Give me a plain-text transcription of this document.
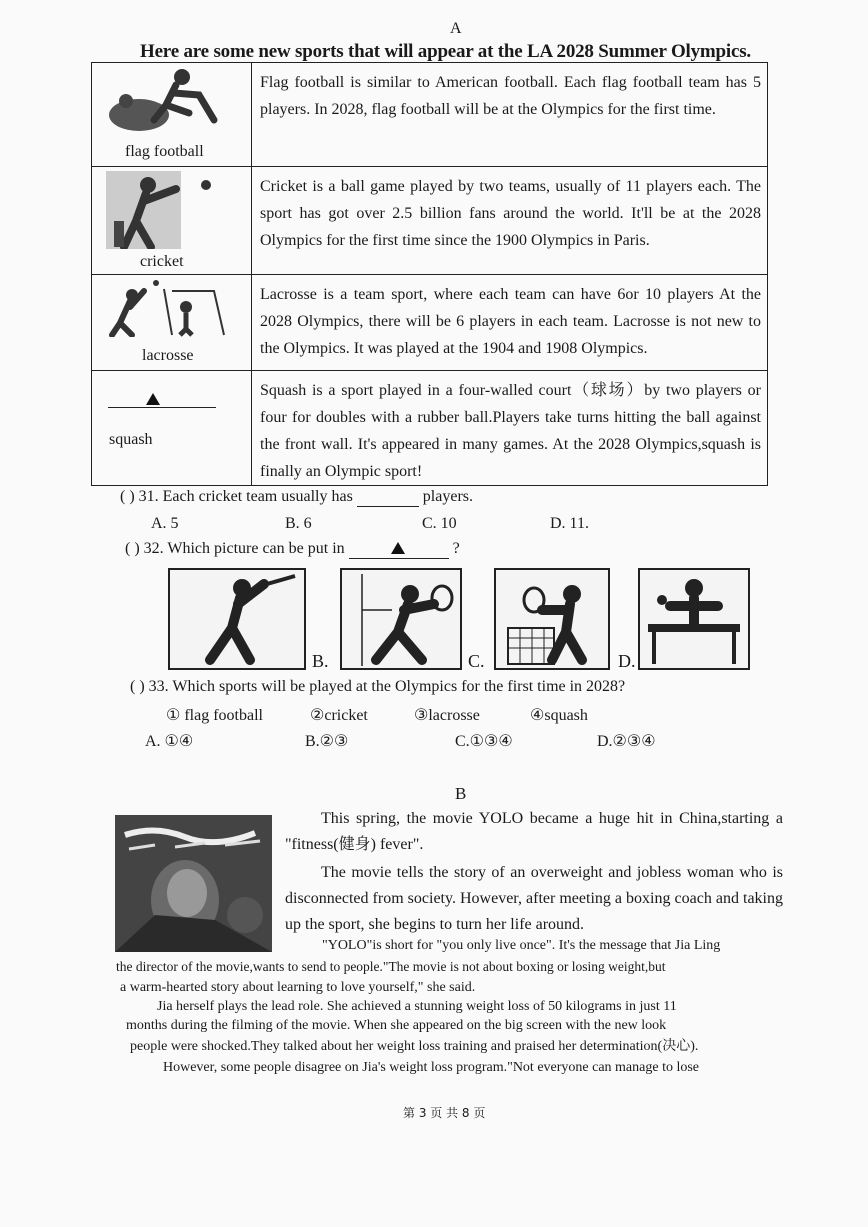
A
Here are some new sports that will appear at the LA 2028 Summer Olympics.
flag football	Flag football is similar to American football. Each flag football team has 5 players. In 2028, flag football will be at the Olympics for the first time.

cricket	Cricket is a ball game played by two teams, usually of 11 players each. The sport has got over 2.5 billion fans around the world. It'll be at the 2028 Olympics for the first time since the 1900 Olympics in Paris.

lacrosse	Lacrosse is a team sport, where each team can have 6or 10 players At the 2028 Olympics, there will be 6 players in each team. Lacrosse is not new to the Olympics. It was played at the 1904 and 1908 Olympics.

squash	Squash is a sport played in a four-walled court（球场）by two players or four for doubles with a rubber ball.Players take turns hitting the ball against the front wall. It's appeared in many games. At the 2028 Olympics,squash is finally an Olympic sport!
( ) 31. Each cricket team usually has	players.
A. 5	B. 6	C. 10	D. 11.
( ) 32. Which picture can be put in	?
B.	C.	D.
( ) 33. Which sports will be played at the Olympics for the first time in 2028?
① flag football	②cricket	③lacrosse	④squash
A. ①④	B.②③	C.①③④	D.②③④
B
This spring, the movie YOLO became a huge hit in China,starting a "fitness(健身) fever".
The movie tells the story of an overweight and jobless woman who is disconnected from society. However, after meeting a boxing coach and taking up the sport, she begins to turn her life around.
"YOLO"is short for "you only live once". It's the message that Jia Ling
the director of the movie,wants to send to people."The movie is not about boxing or losing weight,but
a warm-hearted story about learning to love yourself," she said.
Jia herself plays the lead role. She achieved a stunning weight loss of 50 kilograms in just 11
months during the filming of the movie. When she appeared on the big screen with the new look
people were shocked.They talked about her weight loss training and praised her determination(决心).
However, some people disagree on Jia's weight loss program."Not everyone can manage to lose
第 3 页 共 8 页
